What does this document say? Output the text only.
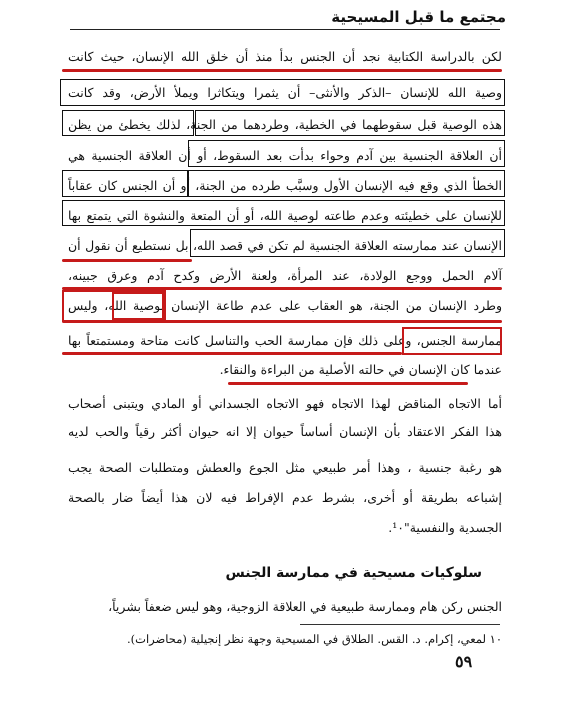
مجتمع ما قبل المسيحية
لكن بالدراسة الكتابية نجد أن الجنس بدأ منذ أن خلق الله الإنسان، حيث كانت
وصية الله للإنسان –الذكر والأنثى– أن يثمرا ويتكاثرا ويملأ الأرض، وقد كانت
هذه الوصية قبل سقوطهما في الخطية، وطردهما من الجنة، لذلك يخطئ من يظن
أن العلاقة الجنسية بين آدم وحواء بدأت بعد السقوط، أو أن العلاقة الجنسية هي
الخطأ الذي وقع فيه الإنسان الأول وسبَّب طرده من الجنة، أو أن الجنس كان عقاباً
للإنسان على خطيئته وعدم طاعته لوصية الله، أو أن المتعة والنشوة التي يتمتع بها
الإنسان عند ممارسته العلاقة الجنسية لم تكن في قصد الله، بل نستطيع أن نقول أن
آلام الحمل ووجع الولادة، عند المرأة، ولعنة الأرض وكدح آدم وعرق جبينه،
وطرد الإنسان من الجنة، هو العقاب على عدم طاعة الإنسان لوصية الله، وليس
ممارسة الجنس، وعلى ذلك فإن ممارسة الحب والتناسل كانت متاحة ومستمتعاً بها
عندما كان الإنسان في حالته الأصلية من البراءة والنقاء.
أما الاتجاه المناقض لهذا الاتجاه فهو الاتجاه الجسداني أو المادي ويتبنى أصحاب
هذا الفكر الاعتقاد بأن الإنسان أساساً حيوان إلا انه حيوان أكثر رقياً والحب لديه
هو رغبة جنسية ، وهذا أمر طبيعي مثل الجوع والعطش ومتطلبات الصحة يجب
إشباعه بطريقة أو أخرى، بشرط عدم الإفراط فيه لان هذا أيضاً ضار بالصحة
الجسدية والنفسية"¹٠.
سلوكيات مسيحية في ممارسة الجنس
الجنس ركن هام وممارسة طبيعية في العلاقة الزوجية، وهو ليس ضعفاً بشرياً،
١٠ لمعي، إكرام. د. القس. الطلاق في المسيحية وجهة نظر إنجيلية (محاضرات).
٥٩
